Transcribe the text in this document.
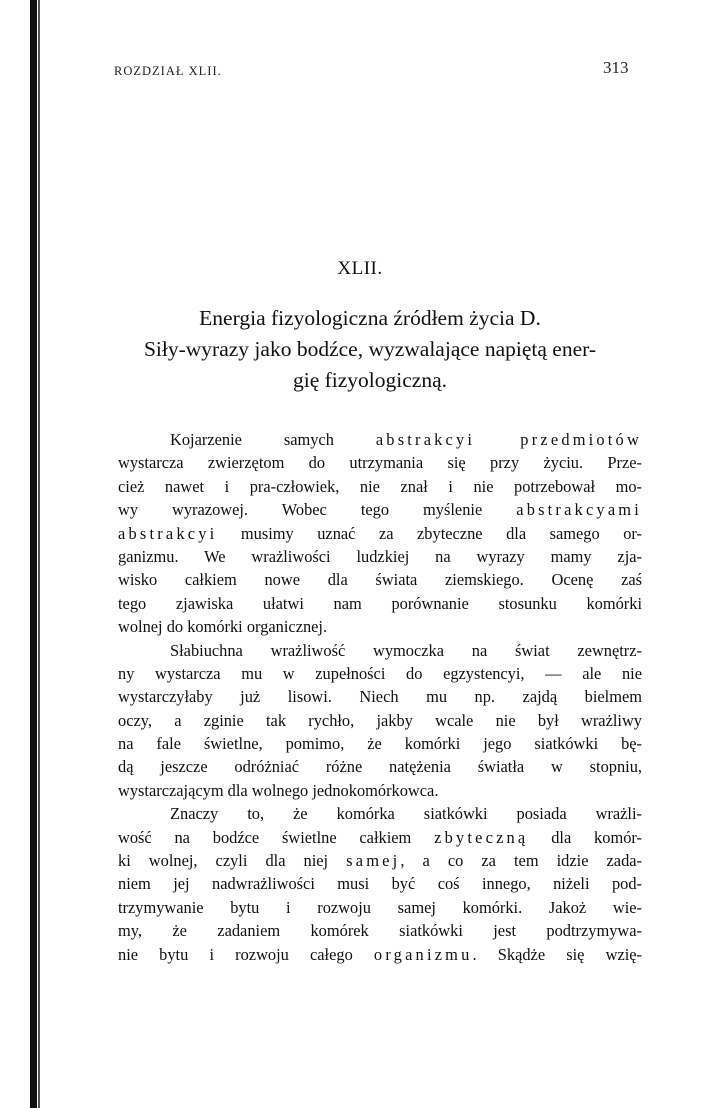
ROZDZIAŁ XLII.	313
XLII.
Energia fizyologiczna źródłem życia D.
Siły-wyrazy jako bodźce, wyzwalające napiętą ener-
gię fizyologiczną.
Kojarzenie samych abstrakcyi przedmiotów
wystarcza zwierzętom do utrzymania się przy życiu. Prze-
cież nawet i pra-człowiek, nie znał i nie potrzebował mo-
wy wyrazowej. Wobec tego myślenie abstrakcyami
abstrakcyi musimy uznać za zbyteczne dla samego or-
ganizmu. We wrażliwości ludzkiej na wyrazy mamy zja-
wisko całkiem nowe dla świata ziemskiego. Ocenę zaś
tego zjawiska ułatwi nam porównanie stosunku komórki
wolnej do komórki organicznej.
Słabiuchna wrażliwość wymoczka na świat zewnętrz-
ny wystarcza mu w zupełności do egzystencyi, — ale nie
wystarczyłaby już lisowi. Niech mu np. zajdą bielmem
oczy, a zginie tak rychło, jakby wcale nie był wrażliwy
na fale świetlne, pomimo, że komórki jego siatkówki bę-
dą jeszcze odróżniać różne natężenia światła w stopniu,
wystarczającym dla wolnego jednokomórkowca.
Znaczy to, że komórka siatkówki posiada wrażli-
wość na bodźce świetlne całkiem zbyteczną dla komór-
ki wolnej, czyli dla niej samej, a co za tem idzie zada-
niem jej nadwrażliwości musi być coś innego, niżeli pod-
trzymywanie bytu i rozwoju samej komórki. Jakoż wie-
my, że zadaniem komórek siatkówki jest podtrzymywa-
nie bytu i rozwoju całego organizmu. Skądże się wzię-
